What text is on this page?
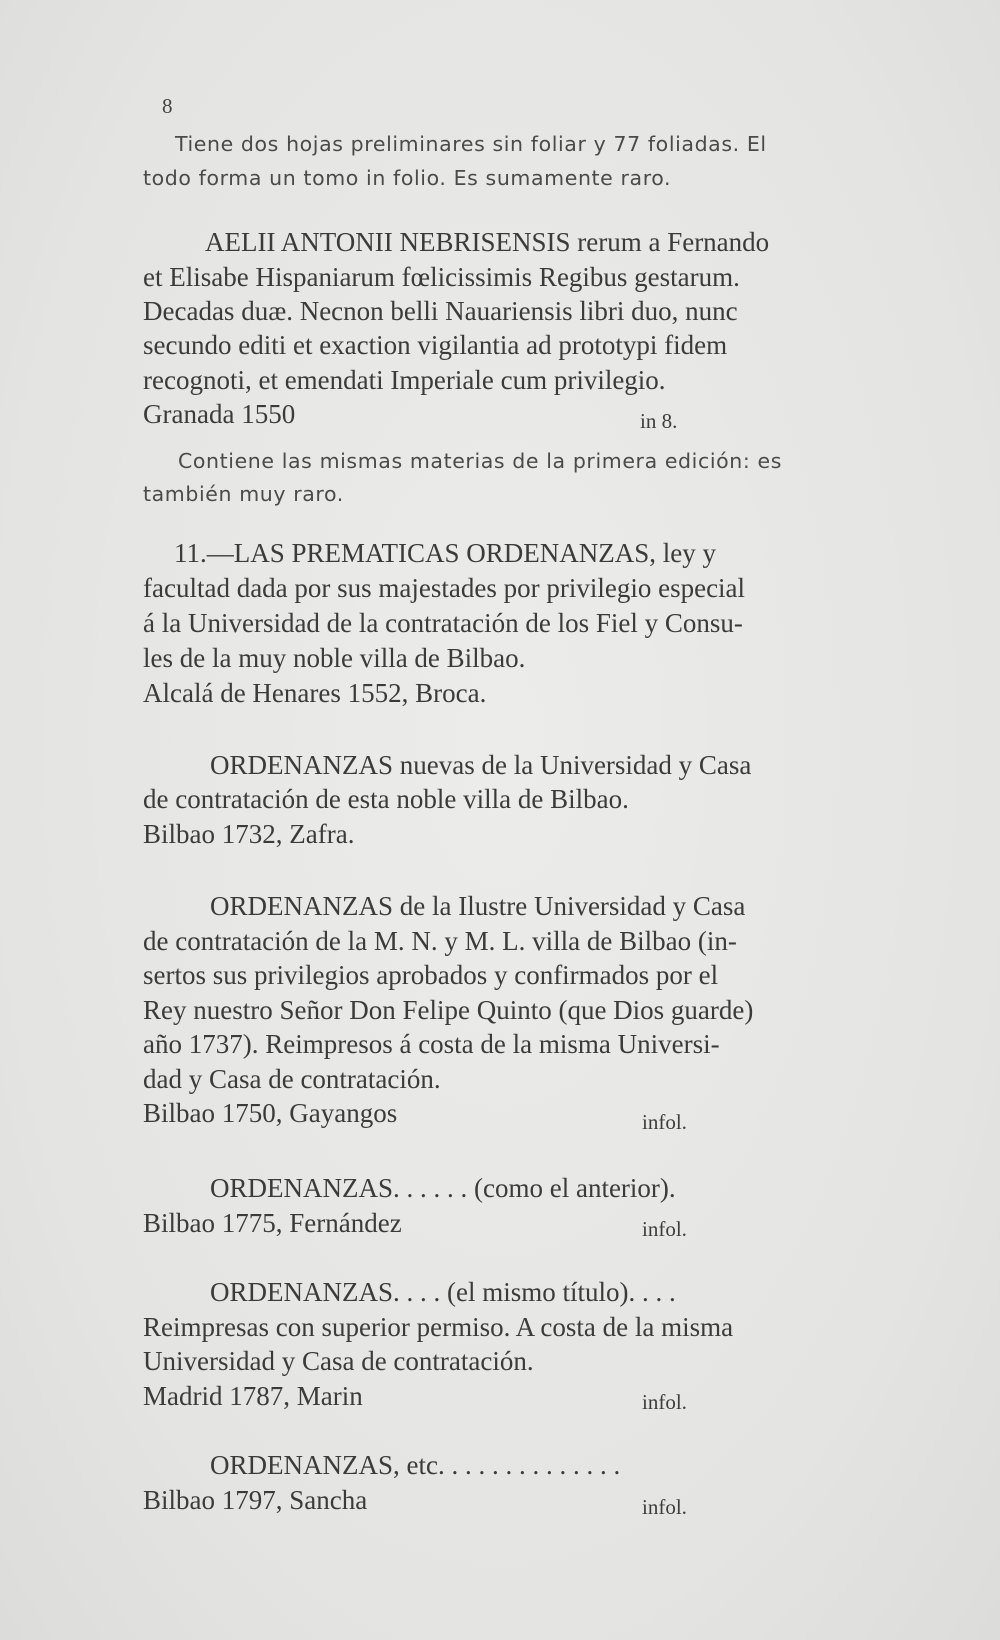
8
Tiene dos hojas preliminares sin foliar y 77 foliadas. El
todo forma un tomo in folio. Es sumamente raro.
AELII ANTONII NEBRISENSIS rerum a Fernando
et Elisabe Hispaniarum fœlicissimis Regibus gestarum.
Decadas duæ. Necnon belli Nauariensis libri duo, nunc
secundo editi et exaction vigilantia ad prototypi fidem
recognoti, et emendati Imperiale cum privilegio.
Granada 1550	in 8.
Contiene las mismas materias de la primera edición: es
también muy raro.
11.—LAS PREMATICAS ORDENANZAS, ley y
facultad dada por sus majestades por privilegio especial
á la Universidad de la contratación de los Fiel y Consu-
les de la muy noble villa de Bilbao.
Alcalá de Henares 1552, Broca.
ORDENANZAS nuevas de la Universidad y Casa
de contratación de esta noble villa de Bilbao.
Bilbao 1732, Zafra.
ORDENANZAS de la Ilustre Universidad y Casa
de contratación de la M. N. y M. L. villa de Bilbao (in-
sertos sus privilegios aprobados y confirmados por el
Rey nuestro Señor Don Felipe Quinto (que Dios guarde)
año 1737). Reimpresos á costa de la misma Universi-
dad y Casa de contratación.
Bilbao 1750, Gayangos	infol.
ORDENANZAS. . . . . . (como el anterior).
Bilbao 1775, Fernández	infol.
ORDENANZAS. . . . (el mismo título). . . .
Reimpresas con superior permiso. A costa de la misma
Universidad y Casa de contratación.
Madrid 1787, Marin	infol.
ORDENANZAS, etc. . . . . . . . . . . . . .
Bilbao 1797, Sancha	infol.
